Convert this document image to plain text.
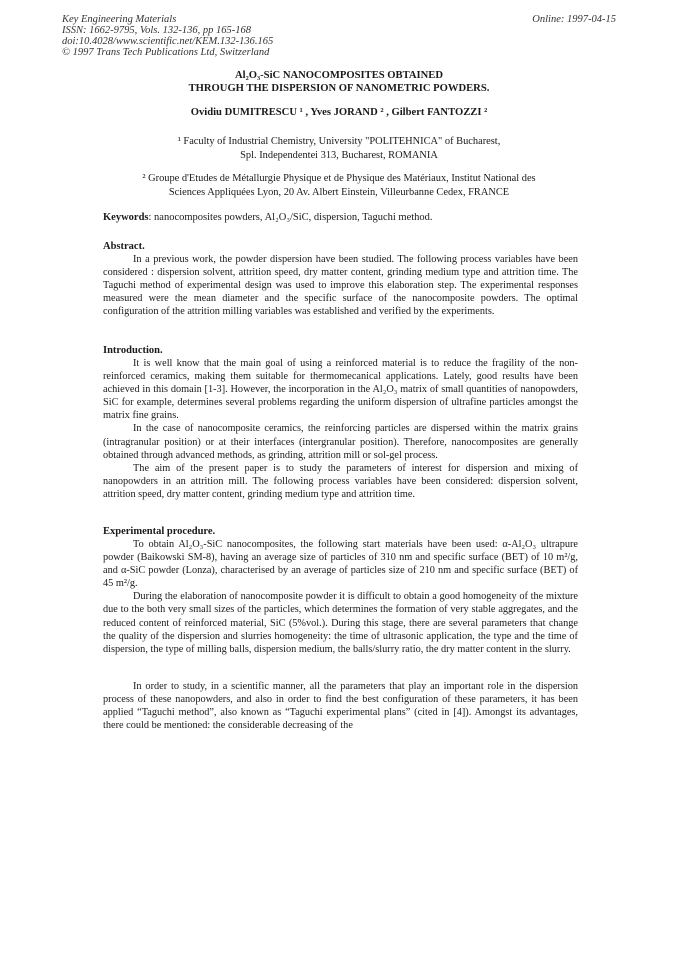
Key Engineering Materials
ISSN: 1662-9795, Vols. 132-136, pp 165-168
doi:10.4028/www.scientific.net/KEM.132-136.165
© 1997 Trans Tech Publications Ltd, Switzerland
Online: 1997-04-15
Al₂O₃-SiC NANOCOMPOSITES OBTAINED
THROUGH THE DISPERSION OF NANOMETRIC POWDERS.
Ovidiu DUMITRESCU ¹ , Yves JORAND ² , Gilbert FANTOZZI ²
¹ Faculty of Industrial Chemistry, University "POLITEHNICA" of Bucharest,
Spl. Independentei 313, Bucharest, ROMANIA
² Groupe d'Etudes de Métallurgie Physique et de Physique des Matériaux, Institut National des
Sciences Appliquées Lyon, 20 Av. Albert Einstein, Villeurbanne Cedex, FRANCE
Keywords: nanocomposites powders, Al₂O₃/SiC, dispersion, Taguchi method.
Abstract.

In a previous work, the powder dispersion have been studied. The following process variables have been considered : dispersion solvent, attrition speed, dry matter content, grinding medium type and attrition time. The Taguchi method of experimental design was used to improve this elaboration step. The experimental responses measured were the mean diameter and the specific surface of the nanocomposite powders. The optimal configuration of the attrition milling variables was established and verified by the experiments.

Introduction.

It is well know that the main goal of using a reinforced material is to reduce the fragility of the non-reinforced ceramics, making them suitable for thermomecanical applications. Lately, good results have been achieved in this domain [1-3]. However, the incorporation in the Al₂O₃ matrix of small quantities of nanopowders, SiC for example, determines several problems regarding the uniform dispersion of ultrafine particles amongst the matrix fine grains.

In the case of nanocomposite ceramics, the reinforcing particles are dispersed within the matrix grains (intragranular position) or at their interfaces (intergranular position). Therefore, nanocomposites are generally obtained through advanced methods, as grinding, attrition mill or sol-gel process.

The aim of the present paper is to study the parameters of interest for dispersion and mixing of nanopowders in an attrition mill. The following process variables have been considered: dispersion solvent, attrition speed, dry matter content, grinding medium type and attrition time.

Experimental procedure.

To obtain Al₂O₃-SiC nanocomposites, the following start materials have been used: α-Al₂O₃ ultrapure powder (Baikowski SM-8), having an average size of particles of 310 nm and specific surface (BET) of 10 m²/g, and α-SiC powder (Lonza), characterised by an average of particles size of 210 nm and specific surface (BET) of 45 m²/g.

During the elaboration of nanocomposite powder it is difficult to obtain a good homogeneity of the mixture due to the both very small sizes of the particles, which determines the formation of very stable aggregates, and the reduced content of reinforced material, SiC (5%vol.). During this stage, there are several parameters that change the quality of the dispersion and slurries homogeneity: the time of ultrasonic application, the type and the time of dispersion, the type of milling balls, dispersion medium, the balls/slurry ratio, the dry matter content in the slurry.

In order to study, in a scientific manner, all the parameters that play an important role in the dispersion process of these nanopowders, and also in order to find the best configuration of these parameters, it has been applied “Taguchi method”, also known as “Taguchi experimental plans” (cited in [4]). Amongst its advantages, there could be mentioned: the considerable decreasing of the
